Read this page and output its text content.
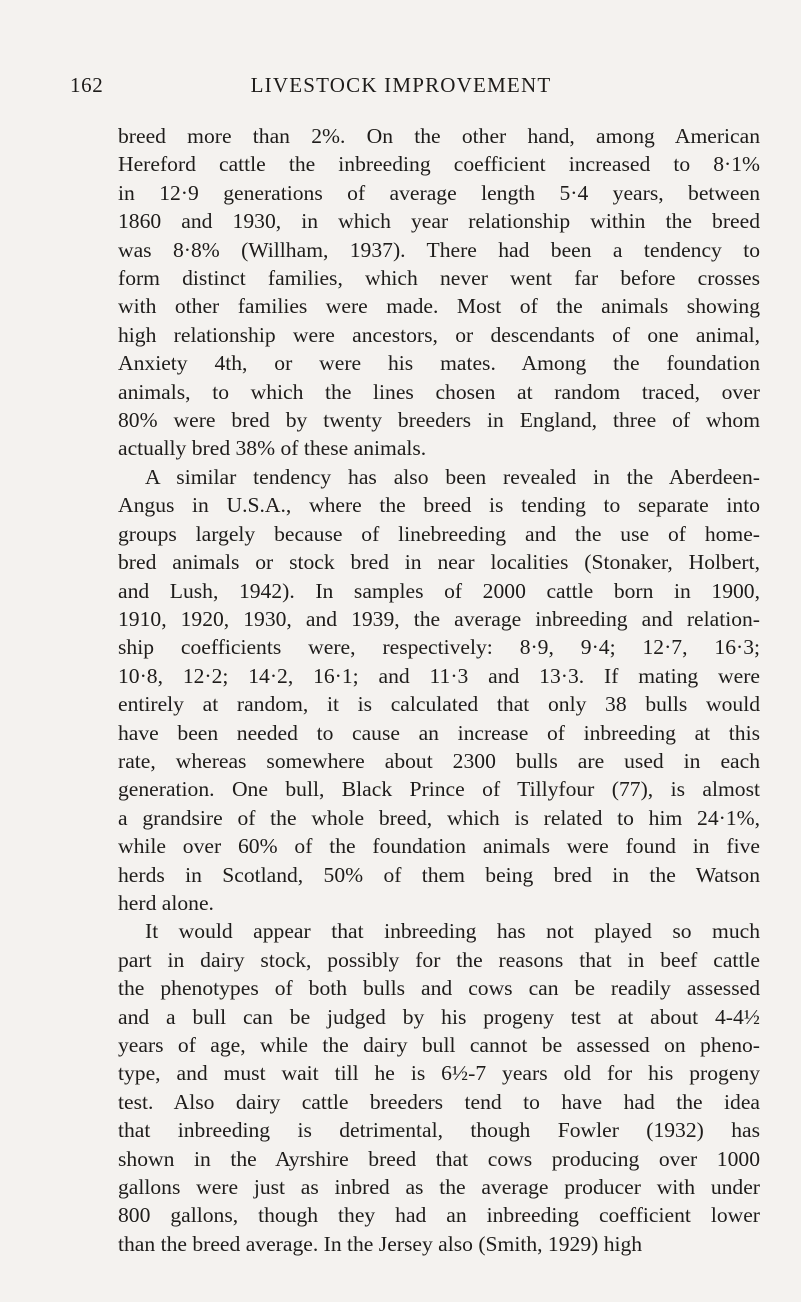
162	LIVESTOCK IMPROVEMENT
breed more than 2%. On the other hand, among American
Hereford cattle the inbreeding coefficient increased to 8·1%
in 12·9 generations of average length 5·4 years, between
1860 and 1930, in which year relationship within the breed
was 8·8% (Willham, 1937). There had been a tendency to
form distinct families, which never went far before crosses
with other families were made. Most of the animals showing
high relationship were ancestors, or descendants of one animal,
Anxiety 4th, or were his mates. Among the foundation
animals, to which the lines chosen at random traced, over
80% were bred by twenty breeders in England, three of whom
actually bred 38% of these animals.
A similar tendency has also been revealed in the Aberdeen-
Angus in U.S.A., where the breed is tending to separate into
groups largely because of linebreeding and the use of home-
bred animals or stock bred in near localities (Stonaker, Holbert,
and Lush, 1942). In samples of 2000 cattle born in 1900,
1910, 1920, 1930, and 1939, the average inbreeding and relation-
ship coefficients were, respectively: 8·9, 9·4; 12·7, 16·3;
10·8, 12·2; 14·2, 16·1; and 11·3 and 13·3. If mating were
entirely at random, it is calculated that only 38 bulls would
have been needed to cause an increase of inbreeding at this
rate, whereas somewhere about 2300 bulls are used in each
generation. One bull, Black Prince of Tillyfour (77), is almost
a grandsire of the whole breed, which is related to him 24·1%,
while over 60% of the foundation animals were found in five
herds in Scotland, 50% of them being bred in the Watson
herd alone.
It would appear that inbreeding has not played so much
part in dairy stock, possibly for the reasons that in beef cattle
the phenotypes of both bulls and cows can be readily assessed
and a bull can be judged by his progeny test at about 4-4½
years of age, while the dairy bull cannot be assessed on pheno-
type, and must wait till he is 6½-7 years old for his progeny
test. Also dairy cattle breeders tend to have had the idea
that inbreeding is detrimental, though Fowler (1932) has
shown in the Ayrshire breed that cows producing over 1000
gallons were just as inbred as the average producer with under
800 gallons, though they had an inbreeding coefficient lower
than the breed average. In the Jersey also (Smith, 1929) high
